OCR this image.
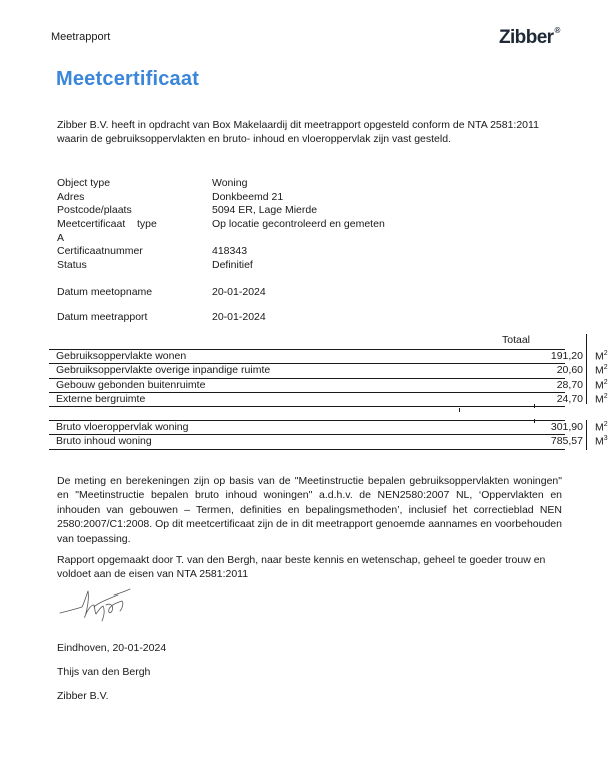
Meetrapport	Zibber®
Meetcertificaat
Zibber B.V. heeft in opdracht van Box Makelaardij dit meetrapport opgesteld conform de NTA 2581:2011 waarin de gebruiksoppervlakten en bruto- inhoud en vloeroppervlak zijn vast gesteld.
Object type	Woning
Adres	Donkbeemd 21
Postcode/plaats	5094 ER, Lage Mierde
Meetcertificaat    type	Op locatie gecontroleerd en gemeten
A
Certificaatnummer	418343
Status	Definitief
Datum meetopname	20-01-2024
Datum meetrapport	20-01-2024
Totaal
Gebruiksoppervlakte wonen	191,20 $M^2$
Gebruiksoppervlakte overige inpandige ruimte	20,60 $M^2$
Gebouw gebonden buitenruimte	28,70 $M^2$
Externe bergruimte	24,70 $M^2$
Bruto vloeroppervlak woning	301,90 $M^2$
Bruto inhoud woning	785,57 $M^3$
De meting en berekeningen zijn op basis van de "Meetinstructie bepalen gebruiksoppervlakten woningen" en "Meetinstructie bepalen bruto inhoud woningen" a.d.h.v. de NEN2580:2007 NL, ‘Oppervlakten en inhouden van gebouwen – Termen, definities en bepalingsmethoden’, inclusief het correctieblad NEN 2580:2007/C1:2008. Op dit meetcertificaat zijn de in dit meetrapport genoemde aannames en voorbehouden van toepassing.
Rapport opgemaakt door T. van den Bergh, naar beste kennis en wetenschap, geheel te goeder trouw en voldoet aan de eisen van NTA 2581:2011
Eindhoven, 20-01-2024
Thijs van den Bergh
Zibber B.V.
